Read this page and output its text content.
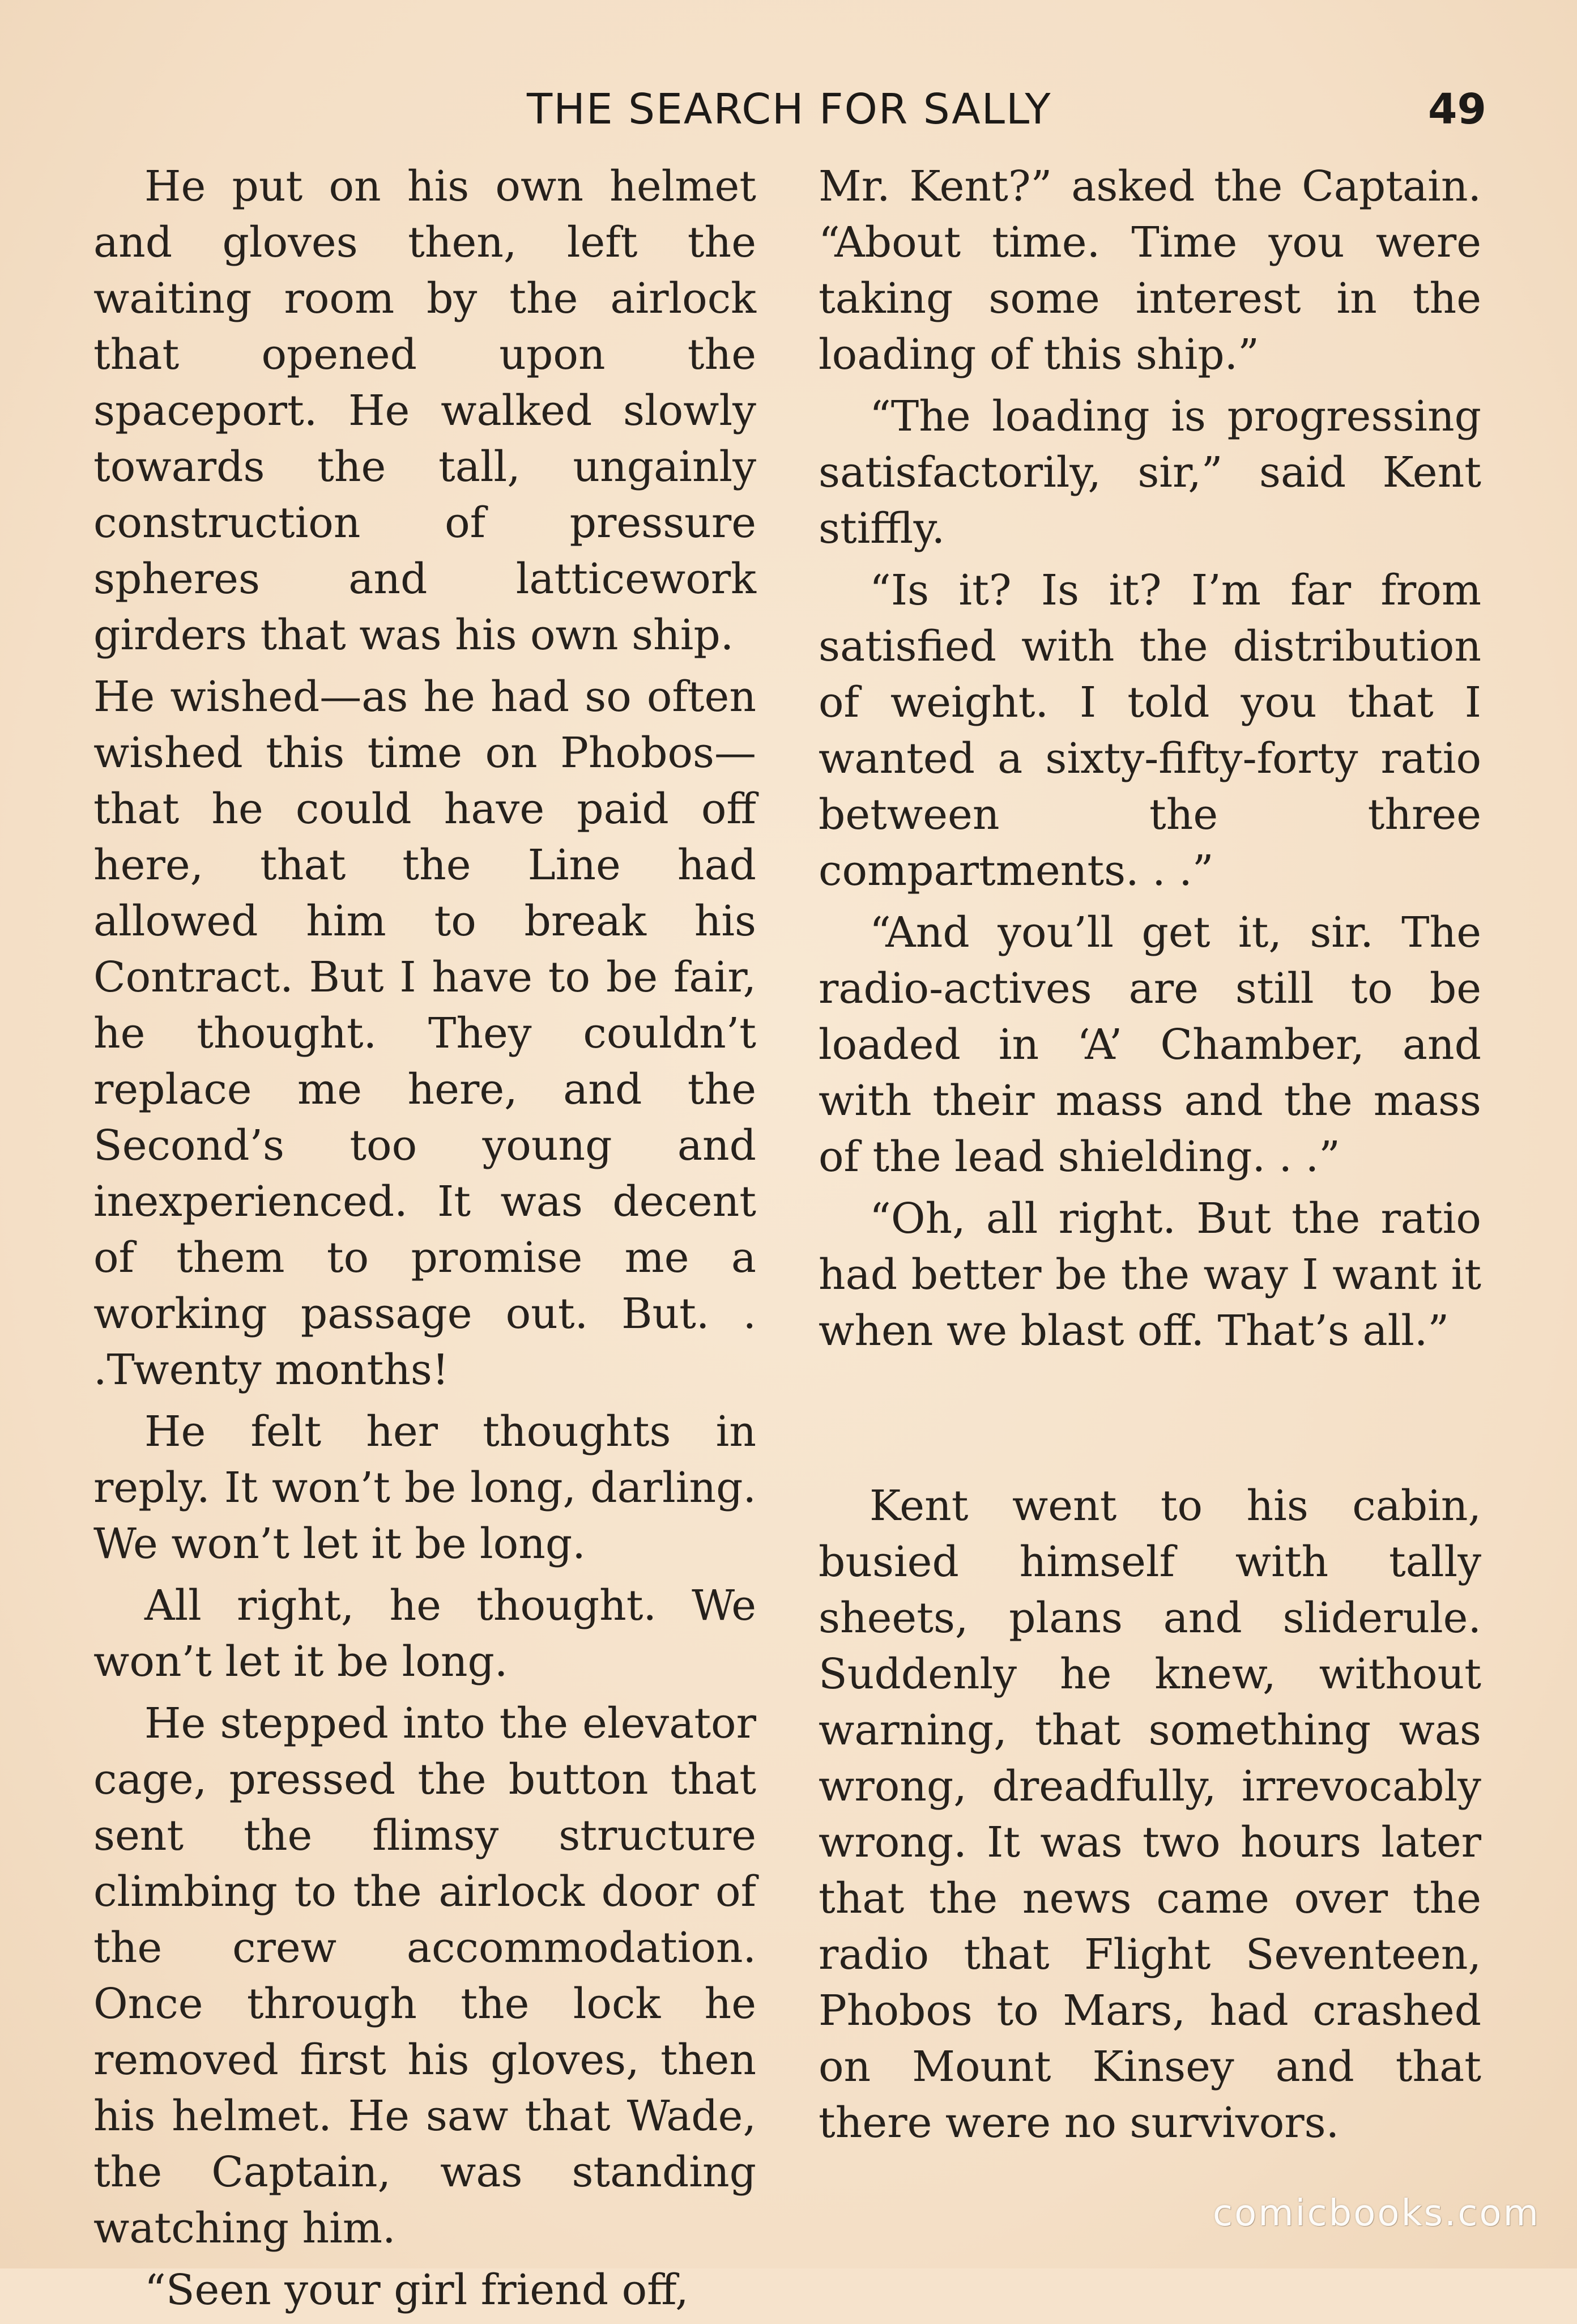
THE SEARCH FOR SALLY	49

He put on his own helmet and gloves then, left the waiting room by the airlock that opened upon the spaceport. He walked slowly towards the tall, ungainly construction of pressure spheres and latticework girders that was his own ship.

He wished—as he had so often wished this time on Phobos—that he could have paid off here, that the Line had allowed him to break his Contract. But I have to be fair, he thought. They couldn’t replace me here, and the Second’s too young and inexperienced. It was decent of them to promise me a working passage out. But. . .Twenty months!

He felt her thoughts in reply. It won’t be long, darling. We won’t let it be long.

All right, he thought. We won’t let it be long.

He stepped into the elevator cage, pressed the button that sent the flimsy structure climbing to the airlock door of the crew accommodation. Once through the lock he removed first his gloves, then his helmet. He saw that Wade, the Captain, was standing watching him.

“Seen your girl friend off,

Mr. Kent?” asked the Captain. “About time. Time you were taking some interest in the loading of this ship.”

“The loading is progressing satisfactorily, sir,” said Kent stiffly.

“Is it? Is it? I’m far from satisfied with the distribution of weight. I told you that I wanted a sixty-fifty-forty ratio between the three compartments. . .”

“And you’ll get it, sir. The radio-actives are still to be loaded in ‘A’ Chamber, and with their mass and the mass of the lead shielding. . .”

“Oh, all right. But the ratio had better be the way I want it when we blast off. That’s all.”

Kent went to his cabin, busied himself with tally sheets, plans and sliderule. Suddenly he knew, without warning, that something was wrong, dreadfully, irrevocably wrong. It was two hours later that the news came over the radio that Flight Seventeen, Phobos to Mars, had crashed on Mount Kinsey and that there were no survivors.

comicbooks.com
